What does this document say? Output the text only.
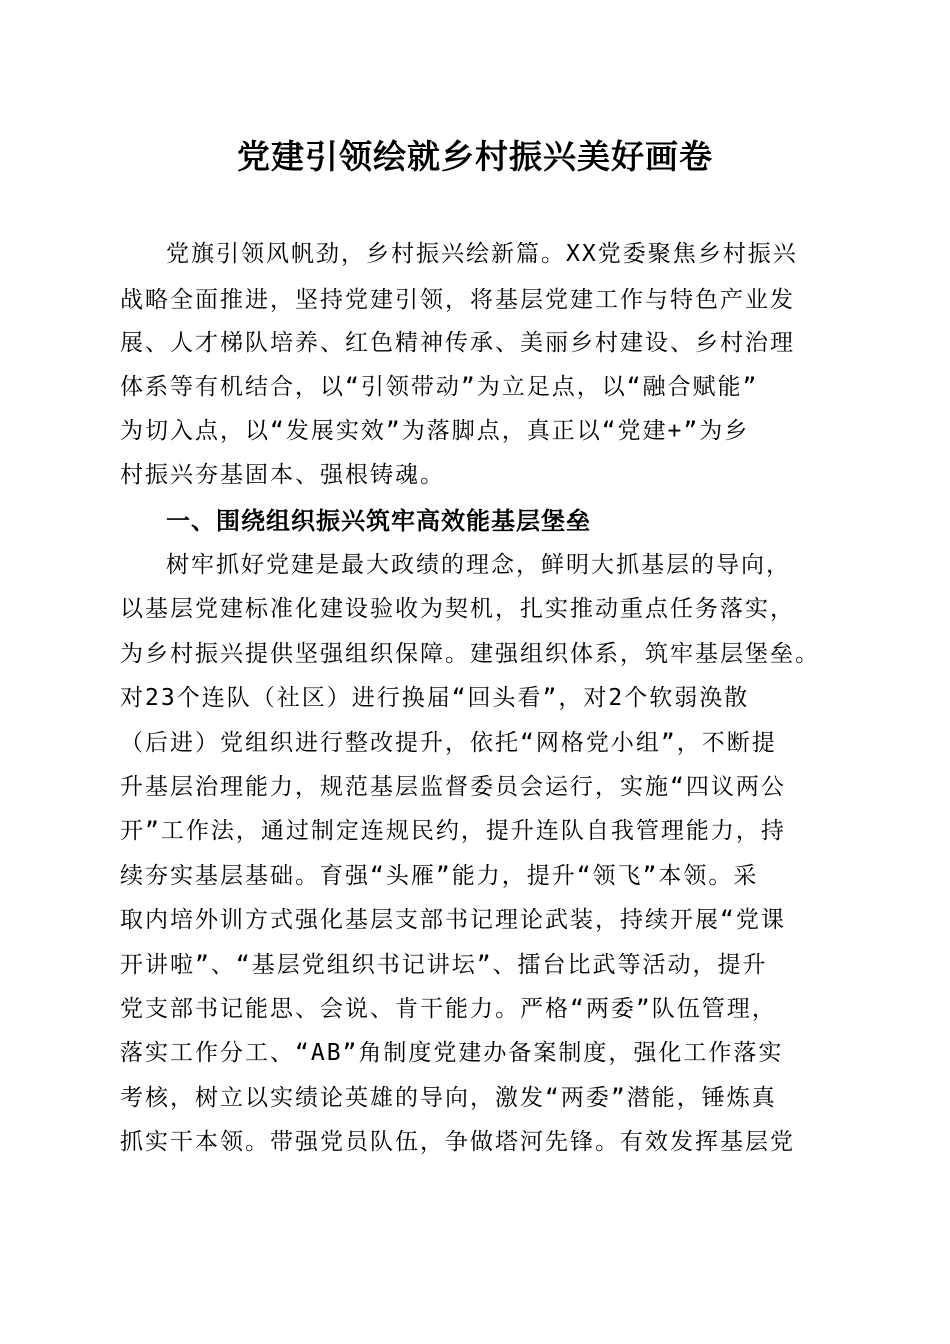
党建引领绘就乡村振兴美好画卷

党旗引领风帆劲，乡村振兴绘新篇。XX党委聚焦乡村振兴

战略全面推进，坚持党建引领，将基层党建工作与特色产业发

展、人才梯队培养、红色精神传承、美丽乡村建设、乡村治理

体系等有机结合，以“引领带动”为立足点，以“融合赋能”

为切入点，以“发展实效”为落脚点，真正以“党建+”为乡

村振兴夯基固本、强根铸魂。

一、围绕组织振兴筑牢高效能基层堡垒

树牢抓好党建是最大政绩的理念，鲜明大抓基层的导向，

以基层党建标准化建设验收为契机，扎实推动重点任务落实，

为乡村振兴提供坚强组织保障。建强组织体系，筑牢基层堡垒。

对23个连队（社区）进行换届“回头看”，对2个软弱涣散

（后进）党组织进行整改提升，依托“网格党小组”，不断提

升基层治理能力，规范基层监督委员会运行，实施“四议两公

开”工作法，通过制定连规民约，提升连队自我管理能力，持

续夯实基层基础。育强“头雁”能力，提升“领飞”本领。采

取内培外训方式强化基层支部书记理论武装，持续开展“党课

开讲啦”、“基层党组织书记讲坛”、擂台比武等活动，提升

党支部书记能思、会说、肯干能力。严格“两委”队伍管理，

落实工作分工、“AB”角制度党建办备案制度，强化工作落实

考核，树立以实绩论英雄的导向，激发“两委”潜能，锤炼真

抓实干本领。带强党员队伍，争做塔河先锋。有效发挥基层党
